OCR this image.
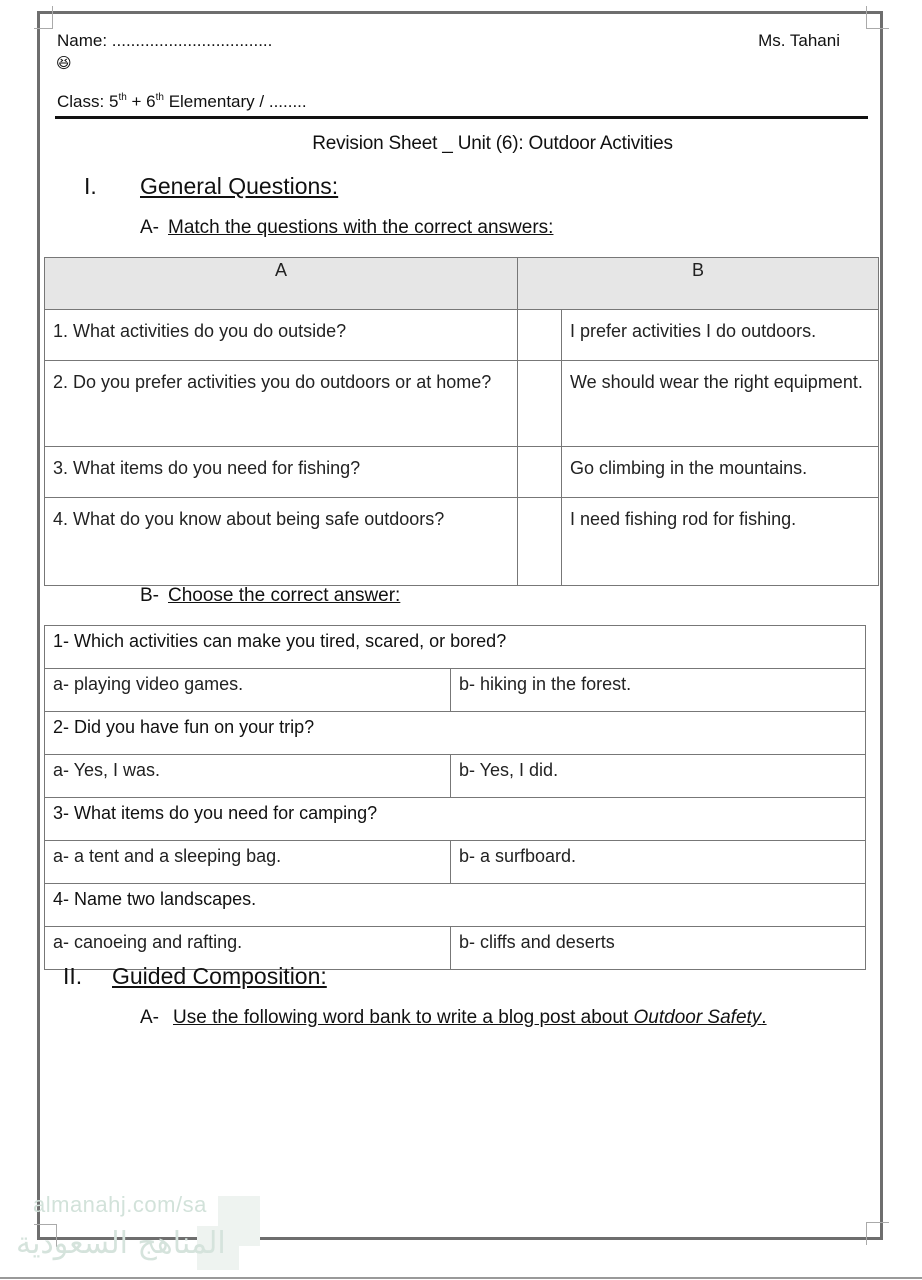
Name: ..................................	Ms. Tahani
😆
Class: 5th + 6th Elementary / ........
Revision Sheet _ Unit (6): Outdoor Activities
I. General Questions:
A- Match the questions with the correct answers:
A	B	
1. What activities do you do outside?		I prefer activities I do outdoors.
2. Do you prefer activities you do outdoors or at home?		We should wear the right equipment.
3. What items do you need for fishing?		Go climbing in the mountains.
4. What do you know about being safe outdoors?		I need fishing rod for fishing.
B- Choose the correct answer:
1- Which activities can make you tired, scared, or bored?	
a- playing video games.	b- hiking in the forest.
2- Did you have fun on your trip?	
a- Yes, I was.	b- Yes, I did.
3- What items do you need for camping?	
a- a tent and a sleeping bag.	b- a surfboard.
4- Name two landscapes.	
a- canoeing and rafting.	b- cliffs and deserts
II. Guided Composition:
A- Use the following word bank to write a blog post about Outdoor Safety.
almanahj.com/sa
المناهج السعودية
